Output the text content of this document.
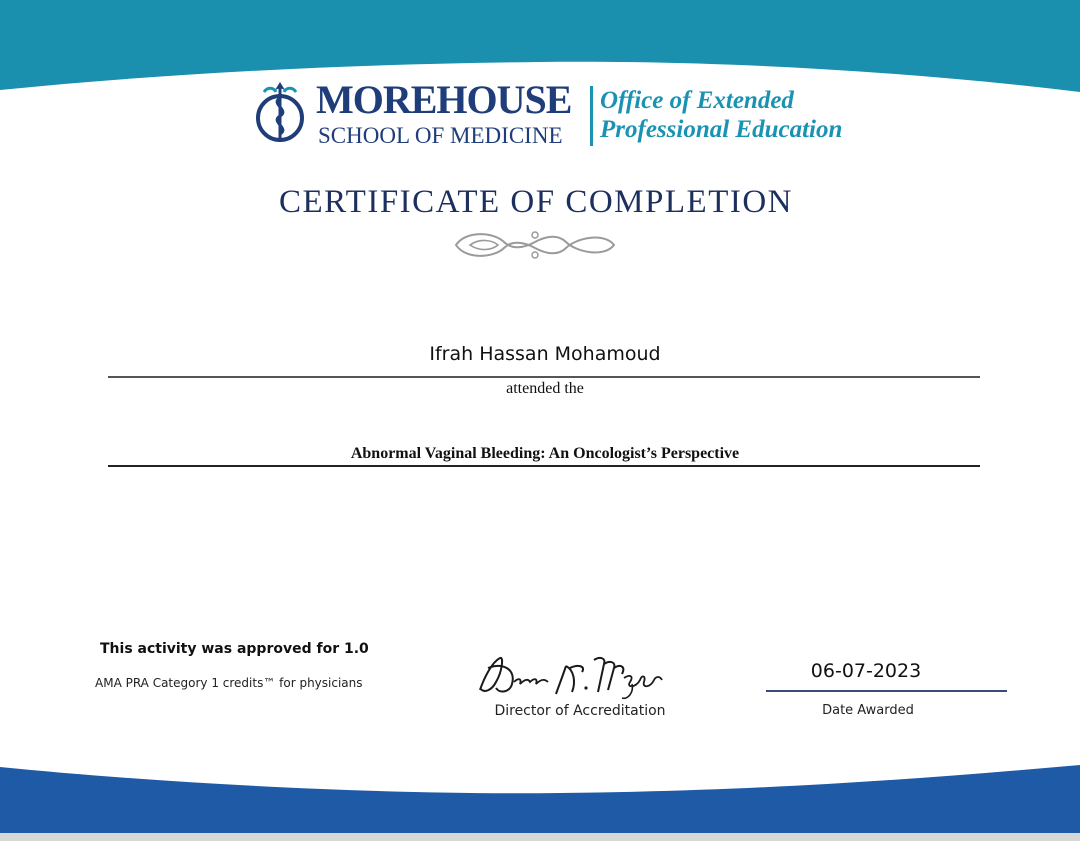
MOREHOUSE
SCHOOL OF MEDICINE
Office of Extended
Professional Education
CERTIFICATE OF COMPLETION
Ifrah Hassan Mohamoud
attended the
Abnormal Vaginal Bleeding: An Oncologist’s Perspective
This activity was approved for 1.0
AMA PRA Category 1 credits™ for physicians
Director of Accreditation
06-07-2023
Date Awarded
